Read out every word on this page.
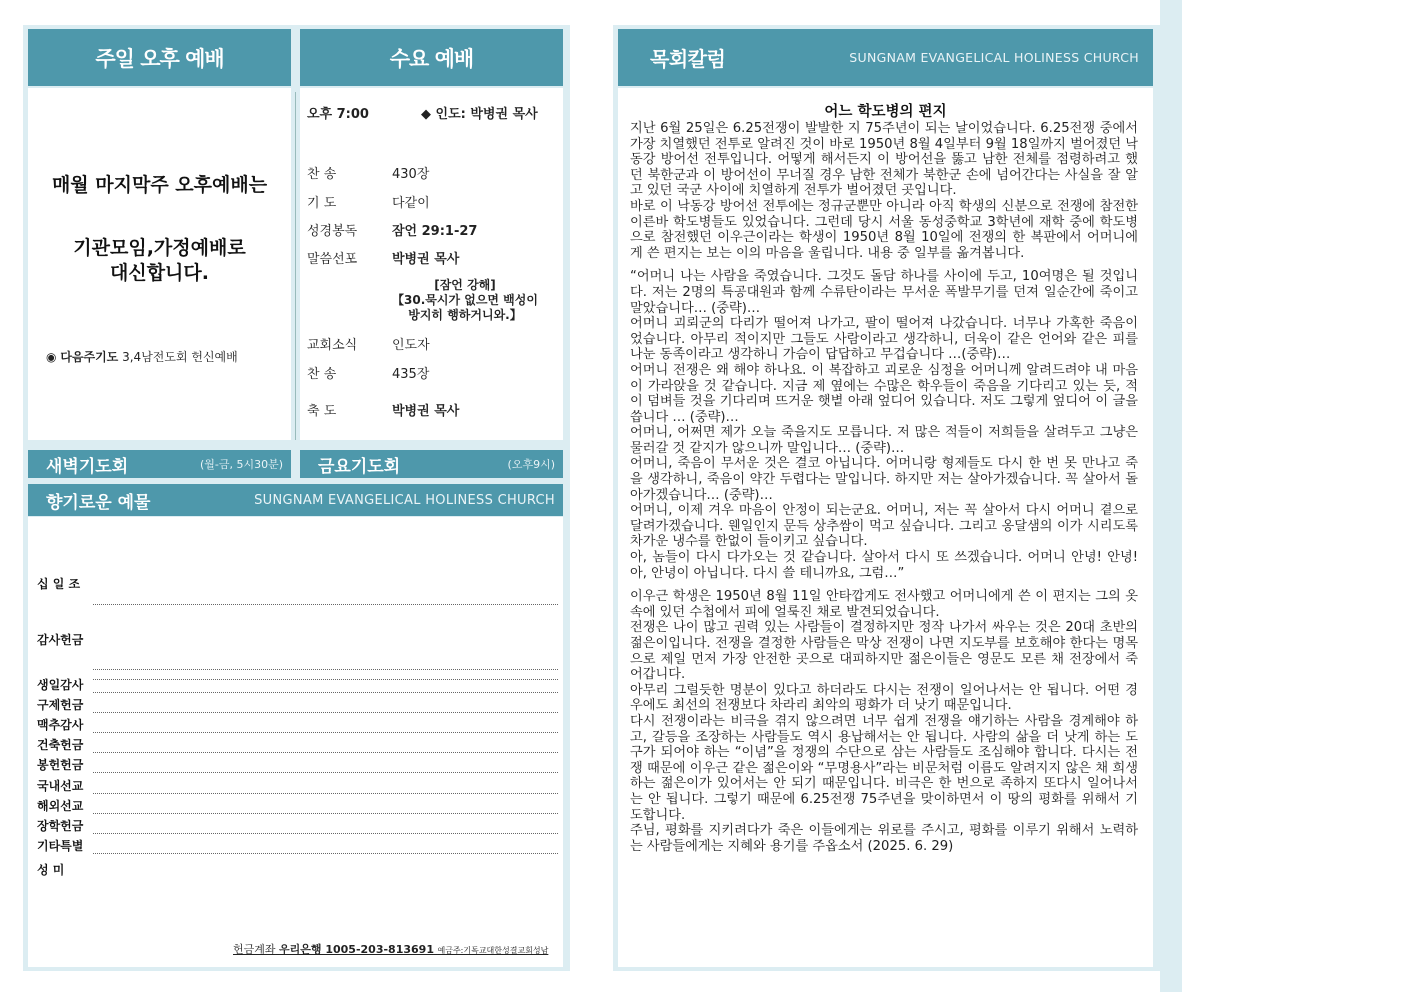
주일 오후 예배
매월 마지막주 오후예배는
기관모임,가정예배로
대신합니다.
◉ 다음주기도 3,4남전도회 헌신예배
수요 예배
오후 7:00	◆ 인도: 박병권 목사
찬 송	430장
기 도	다같이
성경봉독	잠언 29:1-27
말씀선포	박병권 목사
[잠언 강해]
【30.묵시가 없으면 백성이
방지히 행하거니와.】
교회소식	인도자
찬 송	435장
축 도	박병권 목사
새벽기도회	(월-금, 5시30분) 금요기도회	(오후9시)
향기로운 예물	SUNGNAM EVANGELICAL HOLINESS CHURCH
십 일 조
감사헌금
생일감사
구제헌금
맥추감사
건축헌금
봉헌헌금
국내선교
해외선교
장학헌금
기타특별
성 미
헌금계좌 우리은행 1005-203-813691 예금주:기독교대한성결교회성남
목회칼럼	SUNGNAM EVANGELICAL HOLINESS CHURCH
어느 학도병의 편지

지난 6월 25일은 6.25전쟁이 발발한 지 75주년이 되는 날이었습니다. 6.25전쟁 중에서 가장 치열했던 전투로 알려진 것이 바로 1950년 8월 4일부터 9월 18일까지 벌어졌던 낙동강 방어선 전투입니다. 어떻게 해서든지 이 방어선을 뚫고 남한 전체를 점령하려고 했던 북한군과 이 방어선이 무너질 경우 남한 전체가 북한군 손에 넘어간다는 사실을 잘 알고 있던 국군 사이에 치열하게 전투가 벌어졌던 곳입니다.

바로 이 낙동강 방어선 전투에는 정규군뿐만 아니라 아직 학생의 신분으로 전쟁에 참전한 이른바 학도병들도 있었습니다. 그런데 당시 서울 동성중학교 3학년에 재학 중에 학도병으로 참전했던 이우근이라는 학생이 1950년 8월 10일에 전쟁의 한 복판에서 어머니에게 쓴 편지는 보는 이의 마음을 울립니다. 내용 중 일부를 옮겨봅니다.

“어머니 나는 사람을 죽였습니다. 그것도 돌담 하나를 사이에 두고, 10여명은 될 것입니다. 저는 2명의 특공대원과 함께 수류탄이라는 무서운 폭발무기를 던져 일순간에 죽이고 말았습니다… (중략)…

어머니 괴뢰군의 다리가 떨어져 나가고, 팔이 떨어져 나갔습니다. 너무나 가혹한 죽음이었습니다. 아무리 적이지만 그들도 사람이라고 생각하니, 더욱이 같은 언어와 같은 피를 나눈 동족이라고 생각하니 가슴이 답답하고 무겁습니다 …(중략)…

어머니 전쟁은 왜 해야 하나요. 이 복잡하고 괴로운 심정을 어머니께 알려드려야 내 마음이 가라앉을 것 같습니다. 지금 제 옆에는 수많은 학우들이 죽음을 기다리고 있는 듯, 적이 덤벼들 것을 기다리며 뜨거운 햇볕 아래 엎디어 있습니다. 저도 그렇게 엎디어 이 글을 씁니다 … (중략)…

어머니, 어쩌면 제가 오늘 죽을지도 모릅니다. 저 많은 적들이 저희들을 살려두고 그냥은 물러갈 것 같지가 않으니까 말입니다… (중략)…

어머니, 죽음이 무서운 것은 결코 아닙니다. 어머니랑 형제들도 다시 한 번 못 만나고 죽을 생각하니, 죽음이 약간 두렵다는 말입니다. 하지만 저는 살아가겠습니다. 꼭 살아서 돌아가겠습니다… (중략)…

어머니, 이제 겨우 마음이 안정이 되는군요. 어머니, 저는 꼭 살아서 다시 어머니 곁으로 달려가겠습니다. 웬일인지 문득 상추쌈이 먹고 싶습니다. 그리고 옹달샘의 이가 시리도록 차가운 냉수를 한없이 들이키고 싶습니다.

아, 놈들이 다시 다가오는 것 같습니다. 살아서 다시 또 쓰겠습니다. 어머니 안녕! 안녕! 아, 안녕이 아닙니다. 다시 쓸 테니까요, 그럼…”

이우근 학생은 1950년 8월 11일 안타깝게도 전사했고 어머니에게 쓴 이 편지는 그의 옷 속에 있던 수첩에서 피에 얼룩진 채로 발견되었습니다.

전쟁은 나이 많고 권력 있는 사람들이 결정하지만 정작 나가서 싸우는 것은 20대 초반의 젊은이입니다. 전쟁을 결정한 사람들은 막상 전쟁이 나면 지도부를 보호해야 한다는 명목으로 제일 먼저 가장 안전한 곳으로 대피하지만 젊은이들은 영문도 모른 채 전장에서 죽어갑니다.

아무리 그럴듯한 명분이 있다고 하더라도 다시는 전쟁이 일어나서는 안 됩니다. 어떤 경우에도 최선의 전쟁보다 차라리 최악의 평화가 더 낫기 때문입니다.

다시 전쟁이라는 비극을 겪지 않으려면 너무 쉽게 전쟁을 얘기하는 사람을 경계해야 하고, 갈등을 조장하는 사람들도 역시 용납해서는 안 됩니다. 사람의 삶을 더 낫게 하는 도구가 되어야 하는 “이념”을 정쟁의 수단으로 삼는 사람들도 조심해야 합니다. 다시는 전쟁 때문에 이우근 같은 젊은이와 “무명용사”라는 비문처럼 이름도 알려지지 않은 채 희생하는 젊은이가 있어서는 안 되기 때문입니다. 비극은 한 번으로 족하지 또다시 일어나서는 안 됩니다. 그렇기 때문에 6.25전쟁 75주년을 맞이하면서 이 땅의 평화를 위해서 기도합니다.

주님, 평화를 지키려다가 죽은 이들에게는 위로를 주시고, 평화를 이루기 위해서 노력하는 사람들에게는 지혜와 용기를 주옵소서 (2025. 6. 29)
